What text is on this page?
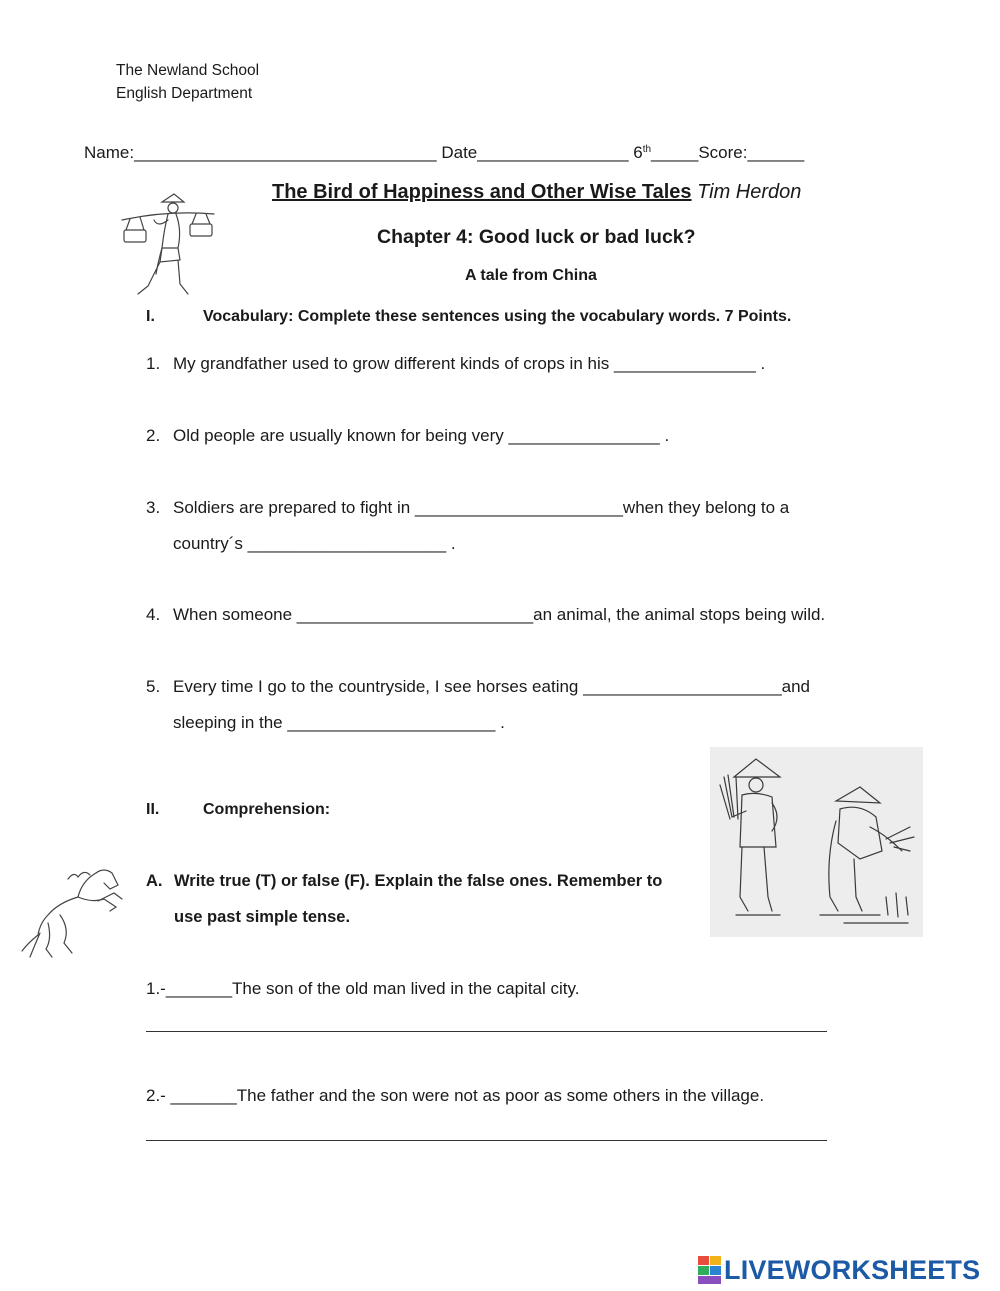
The Newland School
English Department
Name:________________________________ Date________________ 6th_____Score:______
The Bird of Happiness and Other Wise Tales Tim Herdon
Chapter 4: Good luck or bad luck?
A tale from China
I.	Vocabulary: Complete these sentences using the vocabulary words. 7 Points.
1. My grandfather used to grow different kinds of crops in his _______________ .
2. Old people are usually known for being very ________________ .
3. Soldiers are prepared to fight in ______________________when they belong to a
country´s _____________________ .
4. When someone _________________________an animal, the animal stops being wild.
5. Every time I go to the countryside, I see horses eating _____________________and
sleeping in the ______________________ .
II.	Comprehension:
A. Write true (T) or false (F). Explain the false ones. Remember to
use past simple tense.
1.-_______The son of the old man lived in the capital city.
2.- _______The father and the son were not as poor as some others in the village.
LIVEWORKSHEETS
